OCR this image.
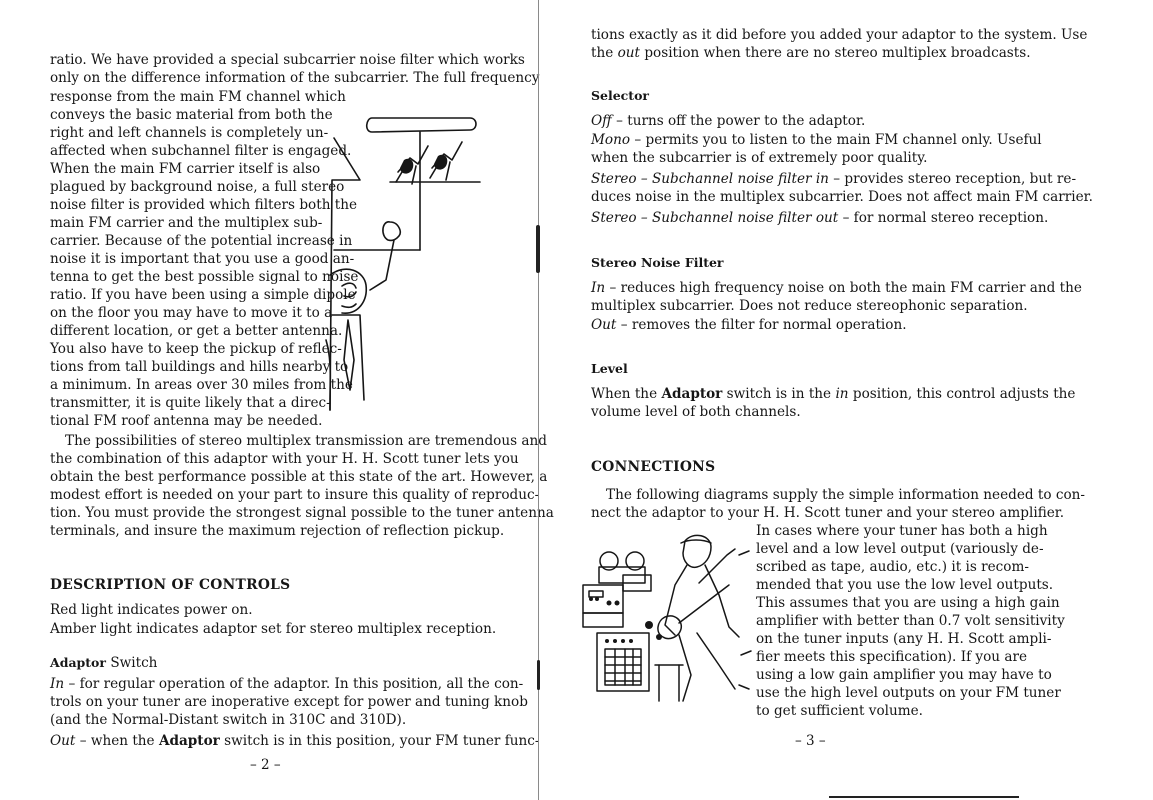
ratio. We have provided a special subcarrier noise filter which works
only on the difference information of the subcarrier. The full frequency
response from the main FM channel which
conveys the basic material from both the
right and left channels is completely un-
affected when subchannel filter is engaged.
When the main FM carrier itself is also
plagued by background noise, a full stereo
noise filter is provided which filters both the
main FM carrier and the multiplex sub-
carrier. Because of the potential increase in
noise it is important that you use a good an-
tenna to get the best possible signal to noise
ratio. If you have been using a simple dipole
on the floor you may have to move it to a
different location, or get a better antenna.
You also have to keep the pickup of reflec-
tions from tall buildings and hills nearby to
a minimum. In areas over 30 miles from the
transmitter, it is quite likely that a direc-
tional FM roof antenna may be needed.
The possibilities of stereo multiplex transmission are tremendous and
the combination of this adaptor with your H. H. Scott tuner lets you
obtain the best performance possible at this state of the art. However, a
modest effort is needed on your part to insure this quality of reproduc-
tion. You must provide the strongest signal possible to the tuner antenna
terminals, and insure the maximum rejection of reflection pickup.
DESCRIPTION OF CONTROLS
Red light indicates power on.
Amber light indicates adaptor set for stereo multiplex reception.
Adaptor Switch
In – for regular operation of the adaptor. In this position, all the con-
trols on your tuner are inoperative except for power and tuning knob
(and the Normal-Distant switch in 310C and 310D).
Out – when the Adaptor switch is in this position, your FM tuner func-
– 2 –
tions exactly as it did before you added your adaptor to the system. Use
the out position when there are no stereo multiplex broadcasts.
Selector
Off – turns off the power to the adaptor.
Mono – permits you to listen to the main FM channel only. Useful
when the subcarrier is of extremely poor quality.
Stereo – Subchannel noise filter in – provides stereo reception, but re-
duces noise in the multiplex subcarrier. Does not affect main FM carrier.
Stereo – Subchannel noise filter out – for normal stereo reception.
Stereo Noise Filter
In – reduces high frequency noise on both the main FM carrier and the
multiplex subcarrier. Does not reduce stereophonic separation.
Out – removes the filter for normal operation.
Level
When the Adaptor switch is in the in position, this control adjusts the
volume level of both channels.
CONNECTIONS
The following diagrams supply the simple information needed to con-
nect the adaptor to your H. H. Scott tuner and your stereo amplifier.
In cases where your tuner has both a high
level and a low level output (variously de-
scribed as tape, audio, etc.) it is recom-
mended that you use the low level outputs.
This assumes that you are using a high gain
amplifier with better than 0.7 volt sensitivity
on the tuner inputs (any H. H. Scott ampli-
fier meets this specification). If you are
using a low gain amplifier you may have to
use the high level outputs on your FM tuner
to get sufficient volume.
– 3 –
